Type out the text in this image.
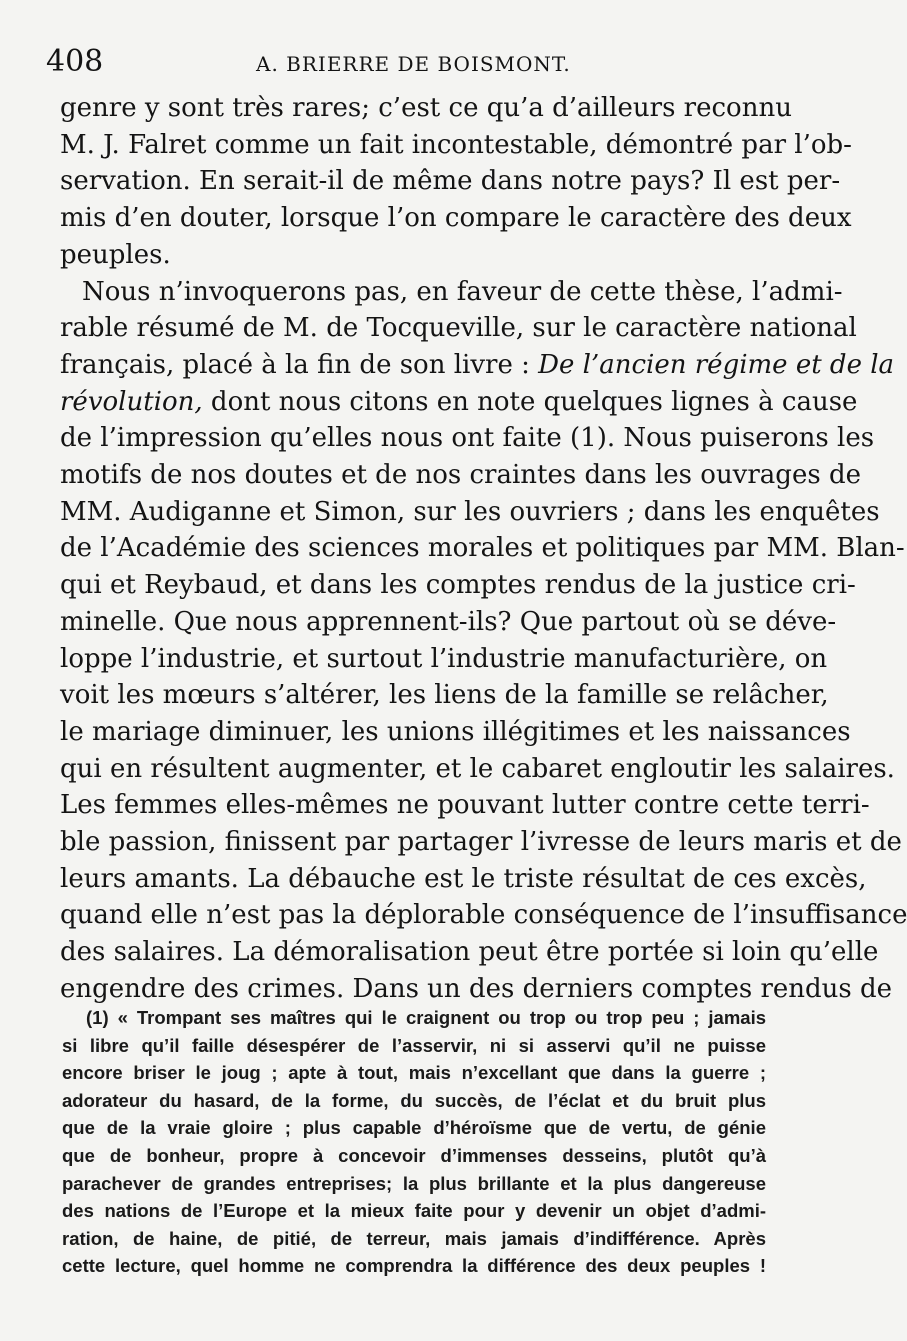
408	A. BRIERRE DE BOISMONT.
genre y sont très rares; c’est ce qu’a d’ailleurs reconnu
M. J. Falret comme un fait incontestable, démontré par l’ob-
servation. En serait-il de même dans notre pays? Il est per-
mis d’en douter, lorsque l’on compare le caractère des deux
peuples.
Nous n’invoquerons pas, en faveur de cette thèse, l’admi-
rable résumé de M. de Tocqueville, sur le caractère national
français, placé à la fin de son livre : De l’ancien régime et de la
révolution, dont nous citons en note quelques lignes à cause
de l’impression qu’elles nous ont faite (1). Nous puiserons les
motifs de nos doutes et de nos craintes dans les ouvrages de
MM. Audiganne et Simon, sur les ouvriers ; dans les enquêtes
de l’Académie des sciences morales et politiques par MM. Blan-
qui et Reybaud, et dans les comptes rendus de la justice cri-
minelle. Que nous apprennent-ils? Que partout où se déve-
loppe l’industrie, et surtout l’industrie manufacturière, on
voit les mœurs s’altérer, les liens de la famille se relâcher,
le mariage diminuer, les unions illégitimes et les naissances
qui en résultent augmenter, et le cabaret engloutir les salaires.
Les femmes elles-mêmes ne pouvant lutter contre cette terri-
ble passion, finissent par partager l’ivresse de leurs maris et de
leurs amants. La débauche est le triste résultat de ces excès,
quand elle n’est pas la déplorable conséquence de l’insuffisance
des salaires. La démoralisation peut être portée si loin qu’elle
engendre des crimes. Dans un des derniers comptes rendus de
(1) « Trompant ses maîtres qui le craignent ou trop ou trop peu ; jamais
si libre qu’il faille désespérer de l’asservir, ni si asservi qu’il ne puisse
encore briser le joug ; apte à tout, mais n’excellant que dans la guerre ;
adorateur du hasard, de la forme, du succès, de l’éclat et du bruit plus
que de la vraie gloire ; plus capable d’héroïsme que de vertu, de génie
que de bonheur, propre à concevoir d’immenses desseins, plutôt qu’à
parachever de grandes entreprises; la plus brillante et la plus dangereuse
des nations de l’Europe et la mieux faite pour y devenir un objet d’admi-
ration, de haine, de pitié, de terreur, mais jamais d’indifférence. Après
cette lecture, quel homme ne comprendra la différence des deux peuples !
